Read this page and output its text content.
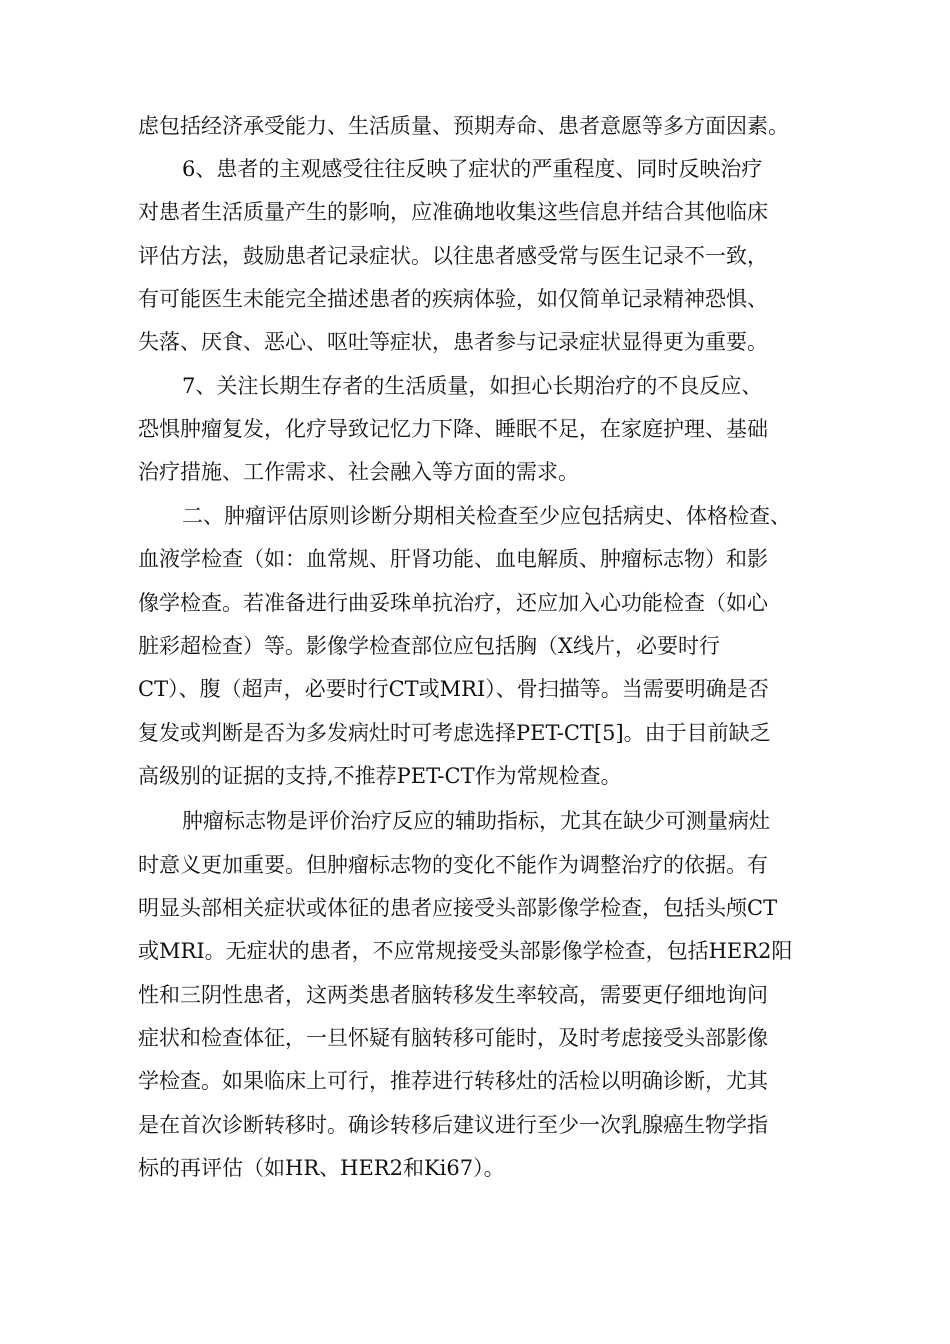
虑包括经济承受能力、生活质量、预期寿命、患者意愿等多方面因素。
6、患者的主观感受往往反映了症状的严重程度、同时反映治疗
对患者生活质量产生的影响，应准确地收集这些信息并结合其他临床
评估方法，鼓励患者记录症状。以往患者感受常与医生记录不一致，
有可能医生未能完全描述患者的疾病体验，如仅简单记录精神恐惧、
失落、厌食、恶心、呕吐等症状，患者参与记录症状显得更为重要。
7、关注长期生存者的生活质量，如担心长期治疗的不良反应、
恐惧肿瘤复发，化疗导致记忆力下降、睡眠不足，在家庭护理、基础
治疗措施、工作需求、社会融入等方面的需求。
二、肿瘤评估原则诊断分期相关检查至少应包括病史、体格检查、
血液学检查（如：血常规、肝肾功能、血电解质、肿瘤标志物）和影
像学检查。若准备进行曲妥珠单抗治疗，还应加入心功能检查（如心
脏彩超检查）等。影像学检查部位应包括胸（X线片，必要时行
CT）、腹（超声，必要时行CT或MRI）、骨扫描等。当需要明确是否
复发或判断是否为多发病灶时可考虑选择PET-CT[5]。由于目前缺乏
高级别的证据的支持,不推荐PET-CT作为常规检查。
肿瘤标志物是评价治疗反应的辅助指标，尤其在缺少可测量病灶
时意义更加重要。但肿瘤标志物的变化不能作为调整治疗的依据。有
明显头部相关症状或体征的患者应接受头部影像学检查，包括头颅CT
或MRI。无症状的患者，不应常规接受头部影像学检查，包括HER2阳
性和三阴性患者，这两类患者脑转移发生率较高，需要更仔细地询问
症状和检查体征，一旦怀疑有脑转移可能时，及时考虑接受头部影像
学检查。如果临床上可行，推荐进行转移灶的活检以明确诊断，尤其
是在首次诊断转移时。确诊转移后建议进行至少一次乳腺癌生物学指
标的再评估（如HR、HER2和Ki67）。
